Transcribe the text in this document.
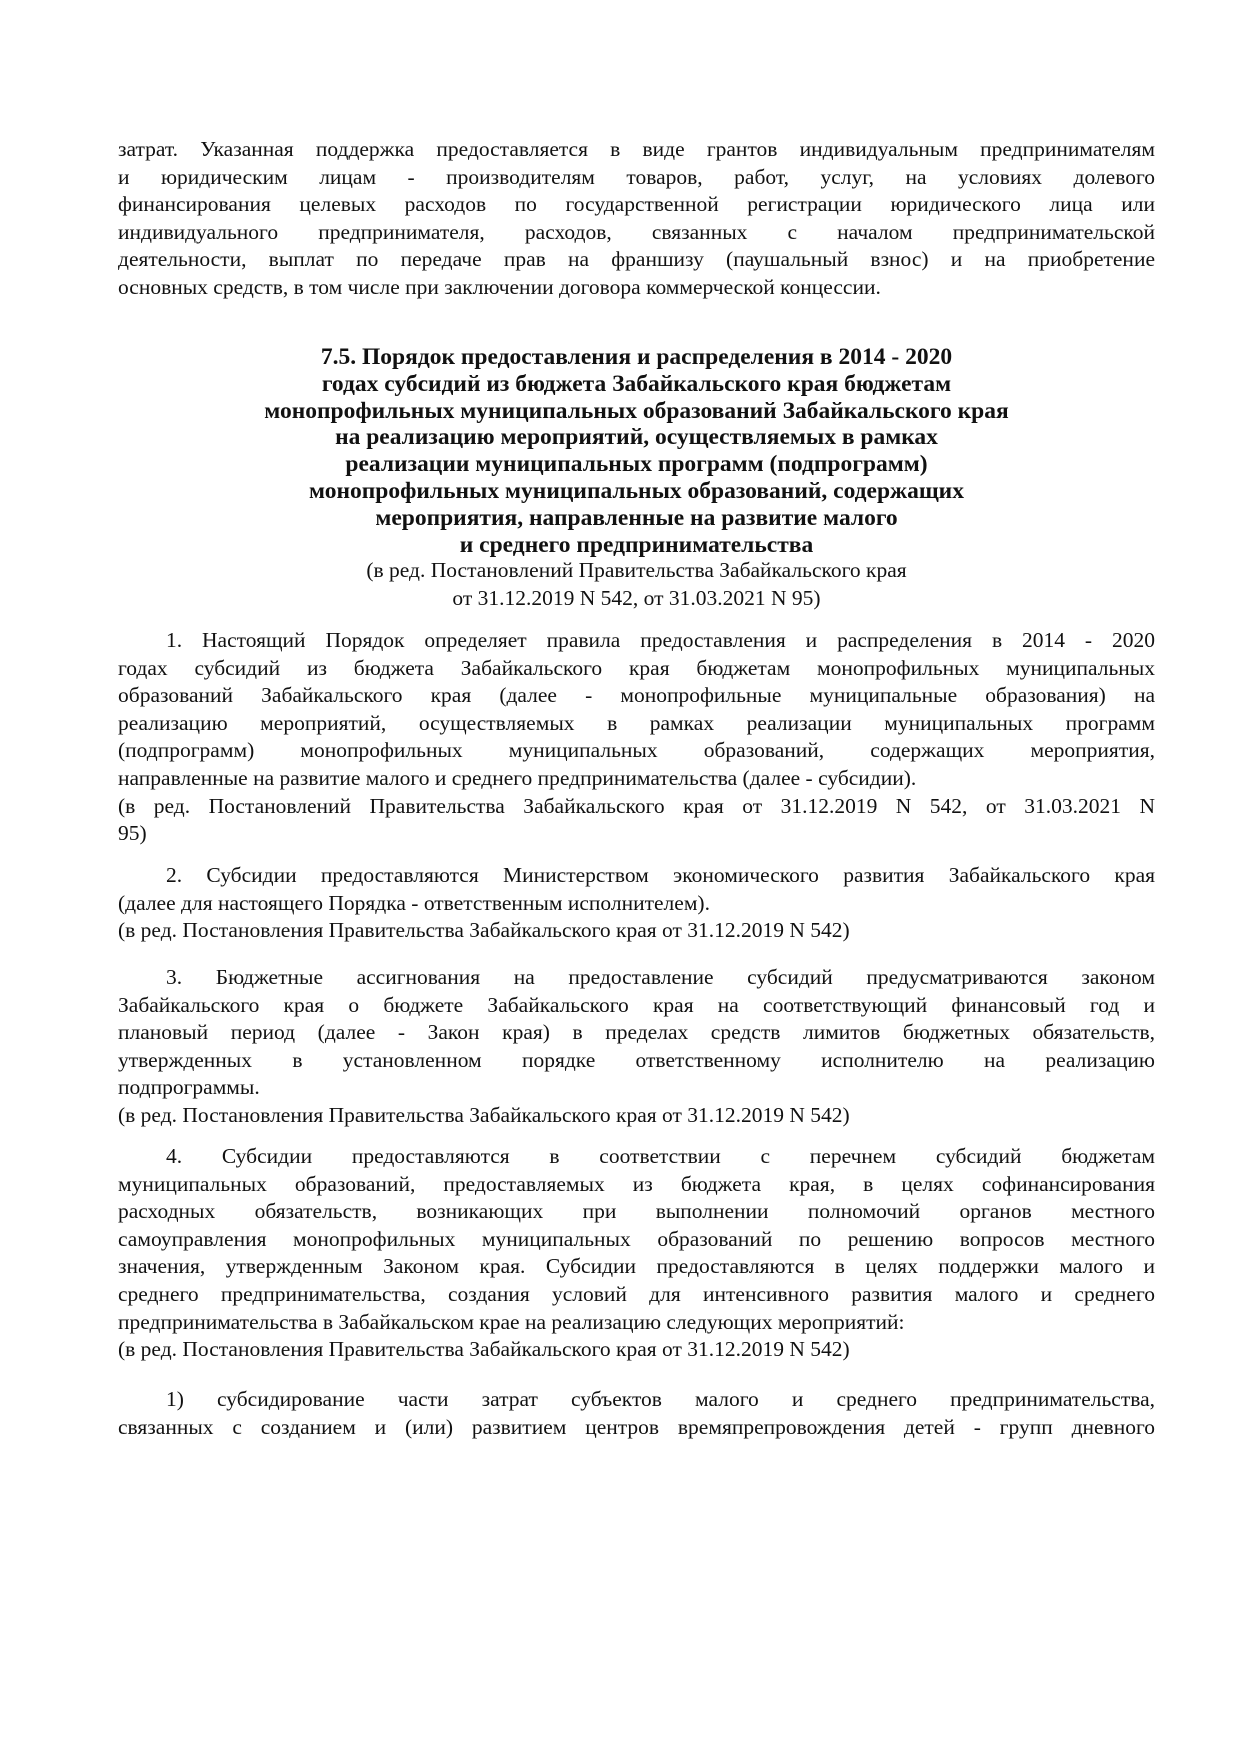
затрат. Указанная поддержка предоставляется в виде грантов индивидуальным предпринимателям
и юридическим лицам - производителям товаров, работ, услуг, на условиях долевого
финансирования целевых расходов по государственной регистрации юридического лица или
индивидуального предпринимателя, расходов, связанных с началом предпринимательской
деятельности, выплат по передаче прав на франшизу (паушальный взнос) и на приобретение
основных средств, в том числе при заключении договора коммерческой концессии.
7.5. Порядок предоставления и распределения в 2014 - 2020
годах субсидий из бюджета Забайкальского края бюджетам
монопрофильных муниципальных образований Забайкальского края
на реализацию мероприятий, осуществляемых в рамках
реализации муниципальных программ (подпрограмм)
монопрофильных муниципальных образований, содержащих
мероприятия, направленные на развитие малого
и среднего предпринимательства
(в ред. Постановлений Правительства Забайкальского края
от 31.12.2019 N 542, от 31.03.2021 N 95)
1. Настоящий Порядок определяет правила предоставления и распределения в 2014 - 2020
годах субсидий из бюджета Забайкальского края бюджетам монопрофильных муниципальных
образований Забайкальского края (далее - монопрофильные муниципальные образования) на
реализацию мероприятий, осуществляемых в рамках реализации муниципальных программ
(подпрограмм) монопрофильных муниципальных образований, содержащих мероприятия,
направленные на развитие малого и среднего предпринимательства (далее - субсидии).
(в ред. Постановлений Правительства Забайкальского края от 31.12.2019 N 542, от 31.03.2021 N
95)
2. Субсидии предоставляются Министерством экономического развития Забайкальского края
(далее для настоящего Порядка - ответственным исполнителем).
(в ред. Постановления Правительства Забайкальского края от 31.12.2019 N 542)
3. Бюджетные ассигнования на предоставление субсидий предусматриваются законом
Забайкальского края о бюджете Забайкальского края на соответствующий финансовый год и
плановый период (далее - Закон края) в пределах средств лимитов бюджетных обязательств,
утвержденных в установленном порядке ответственному исполнителю на реализацию
подпрограммы.
(в ред. Постановления Правительства Забайкальского края от 31.12.2019 N 542)
4. Субсидии предоставляются в соответствии с перечнем субсидий бюджетам
муниципальных образований, предоставляемых из бюджета края, в целях софинансирования
расходных обязательств, возникающих при выполнении полномочий органов местного
самоуправления монопрофильных муниципальных образований по решению вопросов местного
значения, утвержденным Законом края. Субсидии предоставляются в целях поддержки малого и
среднего предпринимательства, создания условий для интенсивного развития малого и среднего
предпринимательства в Забайкальском крае на реализацию следующих мероприятий:
(в ред. Постановления Правительства Забайкальского края от 31.12.2019 N 542)
1) субсидирование части затрат субъектов малого и среднего предпринимательства,
связанных с созданием и (или) развитием центров времяпрепровождения детей - групп дневного
